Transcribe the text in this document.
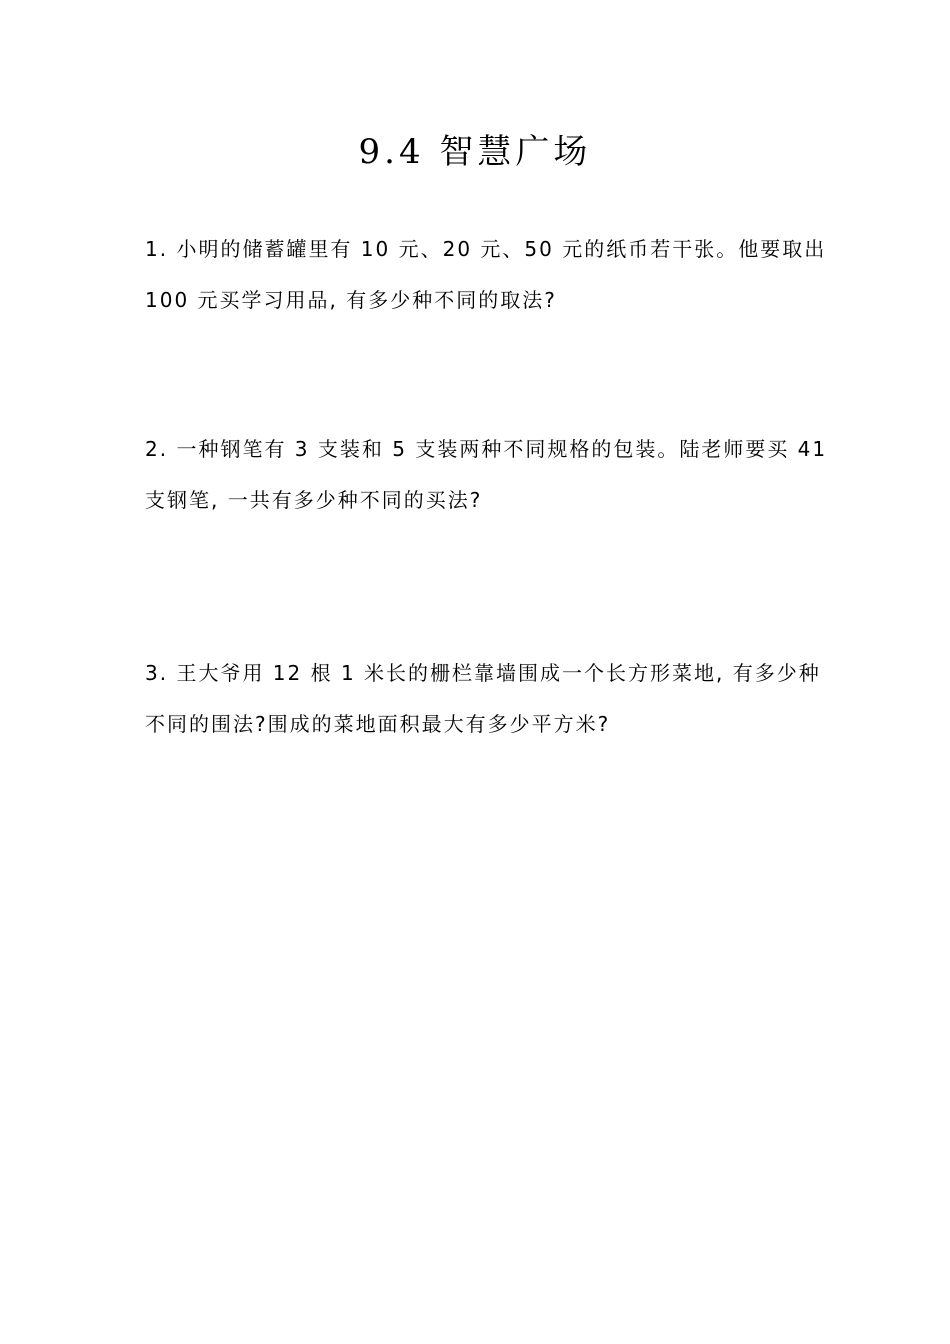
9.4 智慧广场

1. 小明的储蓄罐里有 10 元、20 元、50 元的纸币若干张。他要取出

100 元买学习用品, 有多少种不同的取法?

2. 一种钢笔有 3 支装和 5 支装两种不同规格的包装。陆老师要买 41

支钢笔, 一共有多少种不同的买法?

3. 王大爷用 12 根 1 米长的栅栏靠墙围成一个长方形菜地, 有多少种

不同的围法?围成的菜地面积最大有多少平方米?
